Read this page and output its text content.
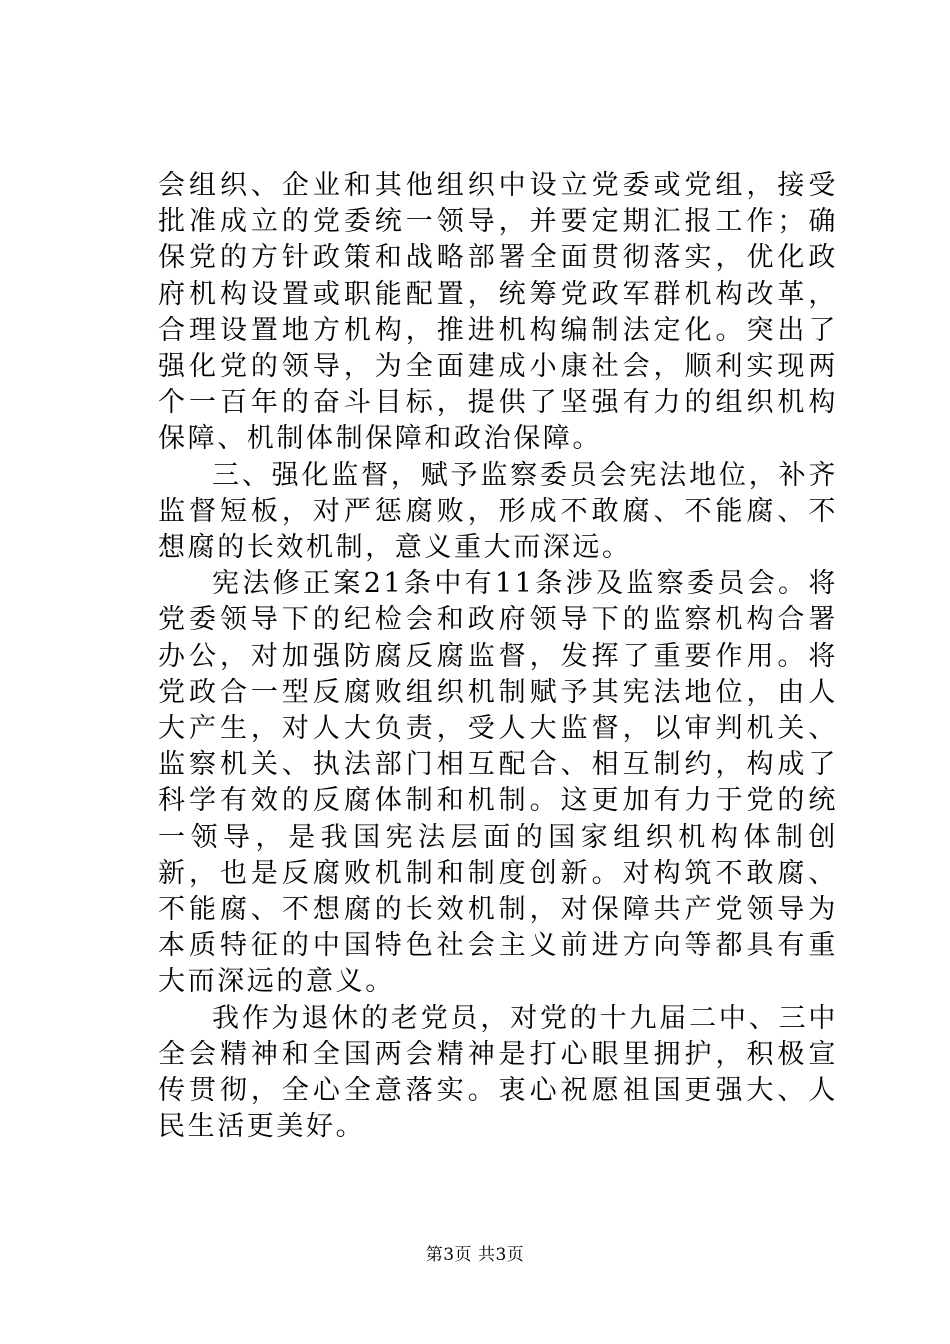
会组织、企业和其他组织中设立党委或党组，接受批准成立的党委统一领导，并要定期汇报工作；确保党的方针政策和战略部署全面贯彻落实，优化政府机构设置或职能配置，统筹党政军群机构改革，合理设置地方机构，推进机构编制法定化。突出了强化党的领导，为全面建成小康社会，顺利实现两个一百年的奋斗目标，提供了坚强有力的组织机构保障、机制体制保障和政治保障。

三、强化监督，赋予监察委员会宪法地位，补齐监督短板，对严惩腐败，形成不敢腐、不能腐、不想腐的长效机制，意义重大而深远。

宪法修正案21条中有11条涉及监察委员会。将党委领导下的纪检会和政府领导下的监察机构合署办公，对加强防腐反腐监督，发挥了重要作用。将党政合一型反腐败组织机制赋予其宪法地位，由人大产生，对人大负责，受人大监督，以审判机关、监察机关、执法部门相互配合、相互制约，构成了科学有效的反腐体制和机制。这更加有力于党的统一领导，是我国宪法层面的国家组织机构体制创新，也是反腐败机制和制度创新。对构筑不敢腐、不能腐、不想腐的长效机制，对保障共产党领导为本质特征的中国特色社会主义前进方向等都具有重大而深远的意义。

我作为退休的老党员，对党的十九届二中、三中全会精神和全国两会精神是打心眼里拥护，积极宣传贯彻，全心全意落实。衷心祝愿祖国更强大、人民生活更美好。

第3页 共3页
